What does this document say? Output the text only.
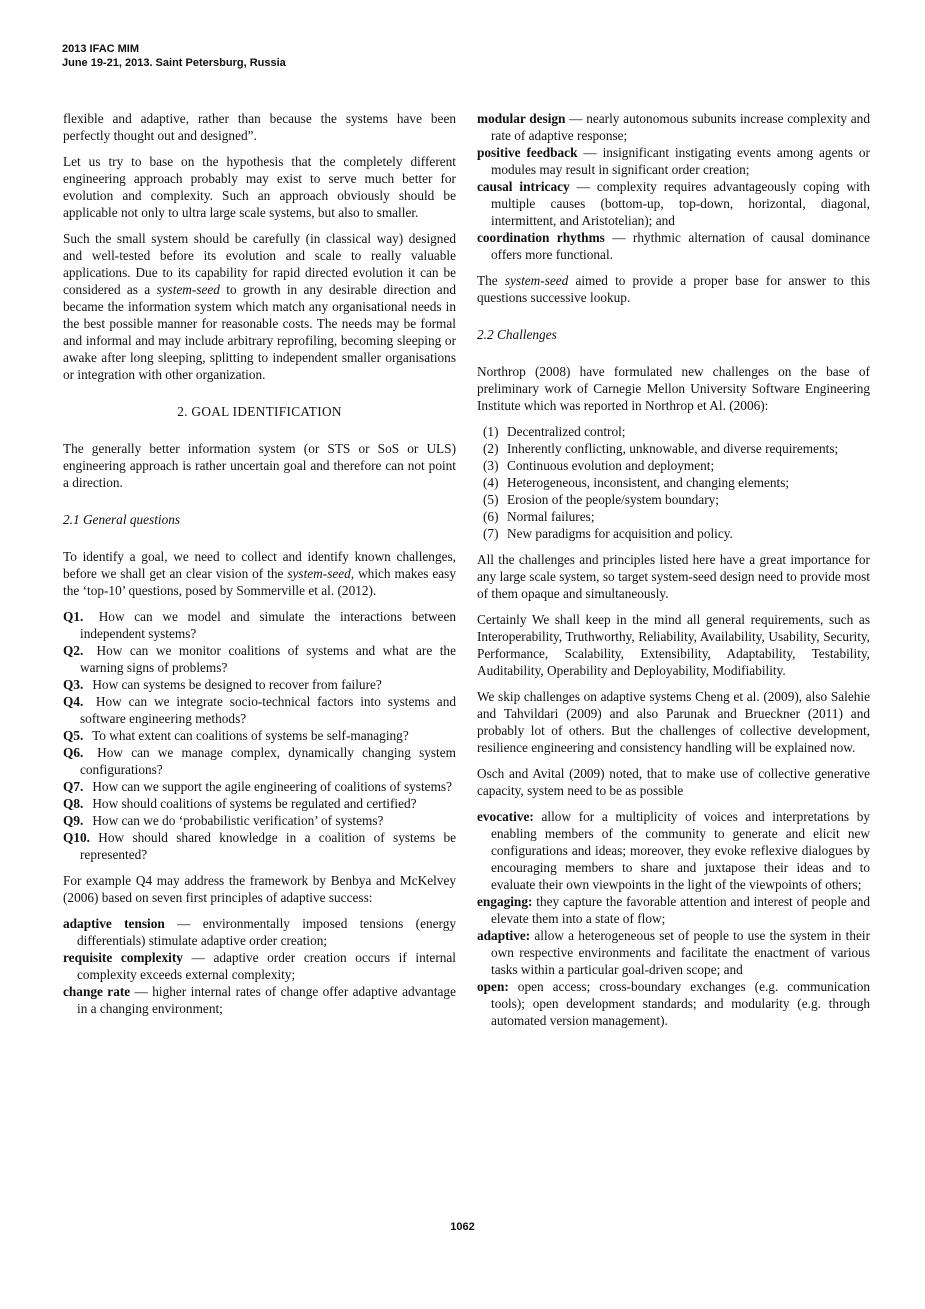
2013 IFAC MIM
June 19-21, 2013. Saint Petersburg, Russia

flexible and adaptive, rather than because the systems have been perfectly thought out and designed”.

Let us try to base on the hypothesis that the completely different engineering approach probably may exist to serve much better for evolution and complexity. Such an approach obviously should be applicable not only to ultra large scale systems, but also to smaller.

Such the small system should be carefully (in classical way) designed and well-tested before its evolution and scale to really valuable applications. Due to its capability for rapid directed evolution it can be considered as a system-seed to growth in any desirable direction and became the information system which match any organisational needs in the best possible manner for reasonable costs. The needs may be formal and informal and may include arbitrary reprofiling, becoming sleeping or awake after long sleeping, splitting to independent smaller organisations or integration with other organization.

2. GOAL IDENTIFICATION

The generally better information system (or STS or SoS or ULS) engineering approach is rather uncertain goal and therefore can not point a direction.

2.1 General questions

To identify a goal, we need to collect and identify known challenges, before we shall get an clear vision of the system-seed, which makes easy the ‘top-10’ questions, posed by Sommerville et al. (2012).

Q1. How can we model and simulate the interactions between independent systems?
Q2. How can we monitor coalitions of systems and what are the warning signs of problems?
Q3. How can systems be designed to recover from failure?
Q4. How can we integrate socio-technical factors into systems and software engineering methods?
Q5. To what extent can coalitions of systems be self-managing?
Q6. How can we manage complex, dynamically changing system configurations?
Q7. How can we support the agile engineering of coalitions of systems?
Q8. How should coalitions of systems be regulated and certified?
Q9. How can we do ‘probabilistic verification’ of systems?
Q10. How should shared knowledge in a coalition of systems be represented?

For example Q4 may address the framework by Benbya and McKelvey (2006) based on seven first principles of adaptive success:

adaptive tension — environmentally imposed tensions (energy differentials) stimulate adaptive order creation;
requisite complexity — adaptive order creation occurs if internal complexity exceeds external complexity;
change rate — higher internal rates of change offer adaptive advantage in a changing environment;
modular design — nearly autonomous subunits increase complexity and rate of adaptive response;
positive feedback — insignificant instigating events among agents or modules may result in significant order creation;
causal intricacy — complexity requires advantageously coping with multiple causes (bottom-up, top-down, horizontal, diagonal, intermittent, and Aristotelian); and
coordination rhythms — rhythmic alternation of causal dominance offers more functional.

The system-seed aimed to provide a proper base for answer to this questions successive lookup.

2.2 Challenges

Northrop (2008) have formulated new challenges on the base of preliminary work of Carnegie Mellon University Software Engineering Institute which was reported in Northrop et Al. (2006):

(1) Decentralized control;
(2) Inherently conflicting, unknowable, and diverse requirements;
(3) Continuous evolution and deployment;
(4) Heterogeneous, inconsistent, and changing elements;
(5) Erosion of the people/system boundary;
(6) Normal failures;
(7) New paradigms for acquisition and policy.

All the challenges and principles listed here have a great importance for any large scale system, so target system-seed design need to provide most of them opaque and simultaneously.

Certainly We shall keep in the mind all general requirements, such as Interoperability, Truthworthy, Reliability, Availability, Usability, Security, Performance, Scalability, Extensibility, Adaptability, Testability, Auditability, Operability and Deployability, Modifiability.

We skip challenges on adaptive systems Cheng et al. (2009), also Salehie and Tahvildari (2009) and also Parunak and Brueckner (2011) and probably lot of others. But the challenges of collective development, resilience engineering and consistency handling will be explained now.

Osch and Avital (2009) noted, that to make use of collective generative capacity, system need to be as possible

evocative: allow for a multiplicity of voices and interpretations by enabling members of the community to generate and elicit new configurations and ideas; moreover, they evoke reflexive dialogues by encouraging members to share and juxtapose their ideas and to evaluate their own viewpoints in the light of the viewpoints of others;
engaging: they capture the favorable attention and interest of people and elevate them into a state of flow;
adaptive: allow a heterogeneous set of people to use the system in their own respective environments and facilitate the enactment of various tasks within a particular goal-driven scope; and
open: open access; cross-boundary exchanges (e.g. communication tools); open development standards; and modularity (e.g. through automated version management).
1062
